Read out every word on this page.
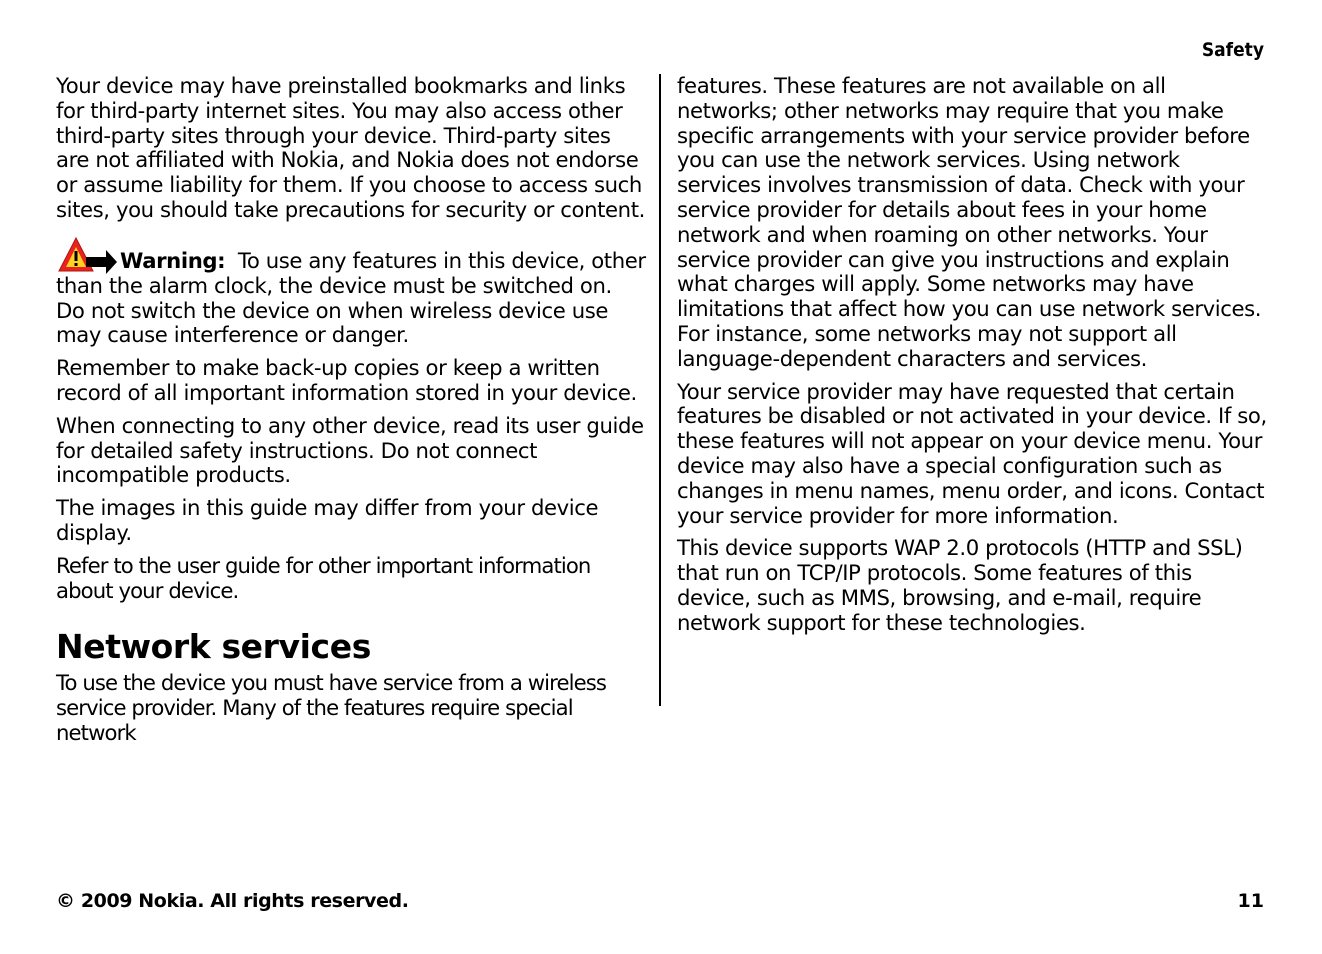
Safety

Your device may have preinstalled bookmarks and links for third-party internet sites. You may also access other third-party sites through your device. Third-party sites are not affiliated with Nokia, and Nokia does not endorse or assume liability for them. If you choose to access such sites, you should take precautions for security or content.

Warning: To use any features in this device, other than the alarm clock, the device must be switched on. Do not switch the device on when wireless device use may cause interference or danger.

Remember to make back-up copies or keep a written record of all important information stored in your device.

When connecting to any other device, read its user guide for detailed safety instructions. Do not connect incompatible products.

The images in this guide may differ from your device display.

Refer to the user guide for other important information about your device.

Network services

To use the device you must have service from a wireless service provider. Many of the features require special network

features. These features are not available on all networks; other networks may require that you make specific arrangements with your service provider before you can use the network services. Using network services involves transmission of data. Check with your service provider for details about fees in your home network and when roaming on other networks. Your service provider can give you instructions and explain what charges will apply. Some networks may have limitations that affect how you can use network services. For instance, some networks may not support all language-dependent characters and services.

Your service provider may have requested that certain features be disabled or not activated in your device. If so, these features will not appear on your device menu. Your device may also have a special configuration such as changes in menu names, menu order, and icons. Contact your service provider for more information.

This device supports WAP 2.0 protocols (HTTP and SSL) that run on TCP/IP protocols. Some features of this device, such as MMS, browsing, and e-mail, require network support for these technologies.

© 2009 Nokia. All rights reserved.	11
